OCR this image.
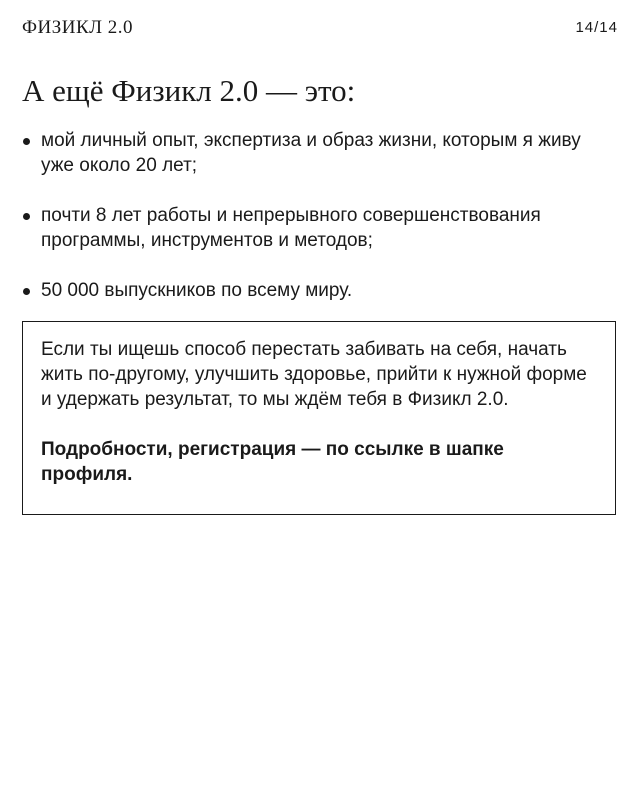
ФИЗИКЛ 2.0	14/14
А ещё Физикл 2.0 — это:
мой личный опыт, экспертиза и образ жизни, которым я живу уже около 20 лет;
почти 8 лет работы и непрерывного совершенствования программы, инструментов и методов;
50 000 выпускников по всему миру.

Если ты ищешь способ перестать забивать на себя, начать жить по-другому, улучшить здоровье, прийти к нужной форме и удержать результат, то мы ждём тебя в Физикл 2.0.

Подробности, регистрация — по ссылке в шапке профиля.
